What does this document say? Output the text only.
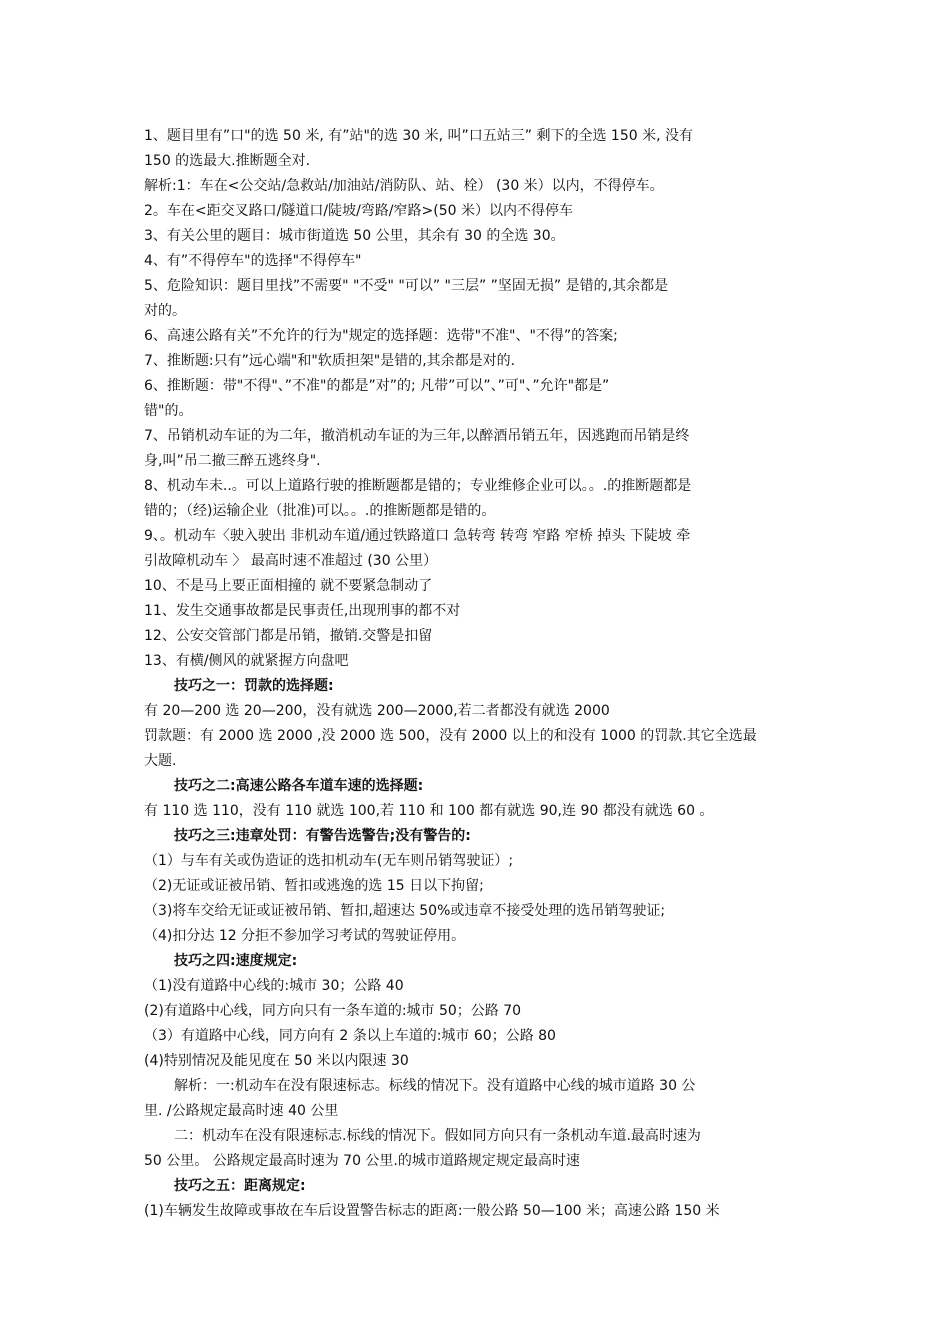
1、题目里有”口"的选 50 米, 有”站"的选 30 米, 叫”口五站三” 剩下的全选 150 米, 没有
150 的选最大.推断题全对.
解析:1：车在<公交站/急救站/加油站/消防队、站、栓） (30 米）以内，不得停车。
2。车在<距交叉路口/隧道口/陡坡/弯路/窄路>(50 米）以内不得停车
3、有关公里的题目：城市街道选 50 公里，其余有 30 的全选 30。
4、有”不得停车"的选择"不得停车"
5、危险知识：题目里找”不需要" "不受" "可以” "三层” ”坚固无损” 是错的,其余都是
对的。
6、高速公路有关”不允许的行为"规定的选择题：选带"不准"、"不得”的答案;
7、推断题:只有”远心端"和"软质担架"是错的,其余都是对的.
6、推断题：带"不得"、”不准"的都是”对”的; 凡带”可以”、”可"、”允许"都是”
错"的。
7、吊销机动车证的为二年，撤消机动车证的为三年,以醉酒吊销五年，因逃跑而吊销是终
身,叫”吊二撤三醉五逃终身".
8、机动车未..。可以上道路行驶的推断题都是错的；专业维修企业可以。。.的推断题都是
错的；（经)运输企业（批准)可以。。.的推断题都是错的。
9、。机动车〈驶入驶出 非机动车道/通过铁路道口 急转弯 转弯 窄路 窄桥 掉头 下陡坡 牵
引故障机动车 〉 最高时速不准超过 (30 公里）
10、不是马上要正面相撞的 就不要紧急制动了
11、发生交通事故都是民事责任,出现刑事的都不对
12、公安交管部门都是吊销，撤销.交警是扣留
13、有横/侧风的就紧握方向盘吧
技巧之一：罚款的选择题:
有 20—200 选 20—200，没有就选 200—2000,若二者都没有就选 2000
罚款题：有 2000 选 2000 ,没 2000 选 500，没有 2000 以上的和没有 1000 的罚款.其它全选最
大题.
技巧之二:高速公路各车道车速的选择题:
有 110 选 110，没有 110 就选 100,若 110 和 100 都有就选 90,连 90 都没有就选 60 。
技巧之三:违章处罚：有警告选警告;没有警告的:
（1）与车有关或伪造证的选扣机动车(无车则吊销驾驶证）;
（2)无证或证被吊销、暂扣或逃逸的选 15 日以下拘留;
（3)将车交给无证或证被吊销、暂扣,超速达 50%或违章不接受处理的选吊销驾驶证;
（4)扣分达 12 分拒不参加学习考试的驾驶证停用。
技巧之四:速度规定:
（1)没有道路中心线的:城市 30；公路 40
(2)有道路中心线，同方向只有一条车道的:城市 50；公路 70
（3）有道路中心线，同方向有 2 条以上车道的:城市 60；公路 80
(4)特别情况及能见度在 50 米以内限速 30
解析：一:机动车在没有限速标志。标线的情况下。没有道路中心线的城市道路 30 公
里. /公路规定最高时速 40 公里
二：机动车在没有限速标志.标线的情况下。假如同方向只有一条机动车道.最高时速为
50 公里。 公路规定最高时速为 70 公里.的城市道路规定规定最高时速
技巧之五：距离规定:
(1)车辆发生故障或事故在车后设置警告标志的距离:一般公路 50—100 米；高速公路 150 米
